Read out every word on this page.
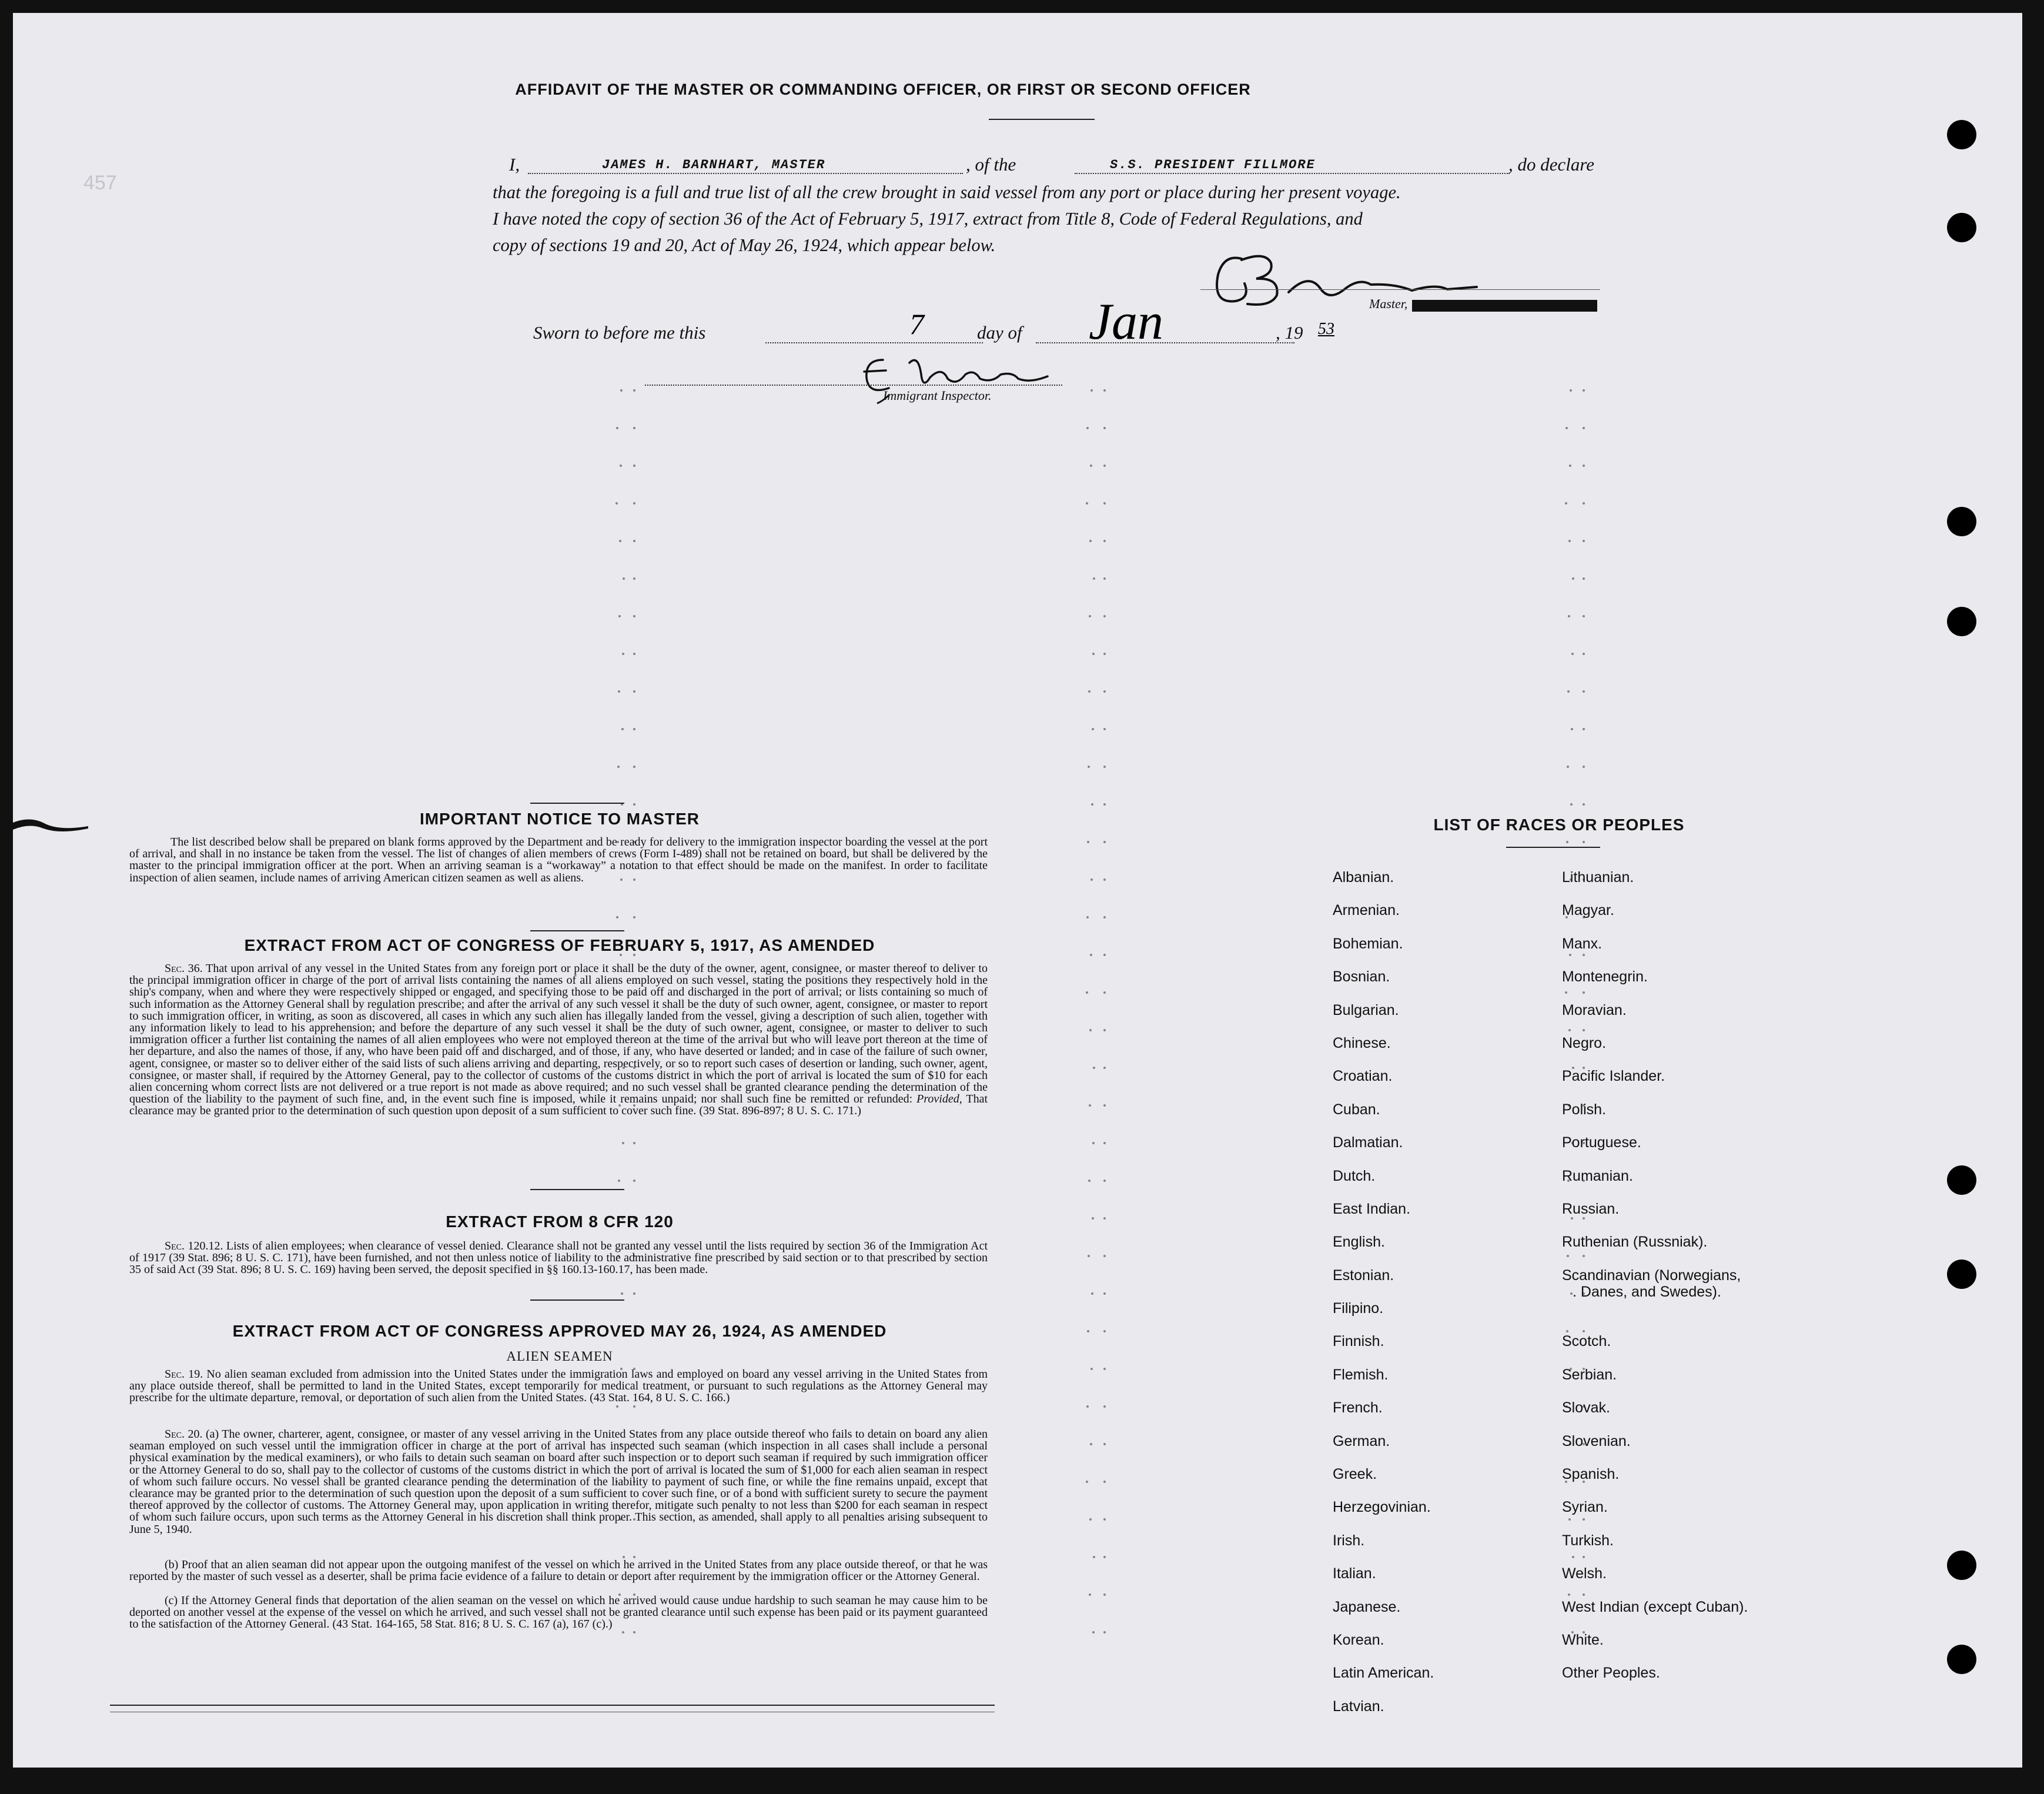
AFFIDAVIT OF THE MASTER OR COMMANDING OFFICER, OR FIRST OR SECOND OFFICER
I,	JAMES H. BARNHART, MASTER	, of the	S.S. PRESIDENT FILLMORE	, do declare
that the foregoing is a full and true list of all the crew brought in said vessel from any port or place during her present voyage.
I have noted the copy of section 36 of the Act of February 5, 1917, extract from Title 8, Code of Federal Regulations, and
copy of sections 19 and 20, Act of May 26, 1924, which appear below.
Master,
Sworn to before me this	7	day of Jan	, 19 53
Immigrant Inspector.
457
IMPORTANT NOTICE TO MASTER

The list described below shall be prepared on blank forms approved by the Department and be ready for delivery to the immigration inspector boarding the vessel at the port of arrival, and shall in no instance be taken from the vessel. The list of changes of alien members of crews (Form I-489) shall not be retained on board, but shall be delivered by the master to the principal immigration officer at the port. When an arriving seaman is a “workaway” a notation to that effect should be made on the manifest. In order to facilitate inspection of alien seamen, include names of arriving American citizen seamen as well as aliens.

EXTRACT FROM ACT OF CONGRESS OF FEBRUARY 5, 1917, AS AMENDED

Sec. 36. That upon arrival of any vessel in the United States from any foreign port or place it shall be the duty of the owner, agent, consignee, or master thereof to deliver to the principal immigration officer in charge of the port of arrival lists containing the names of all aliens employed on such vessel, stating the positions they respectively hold in the ship's company, when and where they were respectively shipped or engaged, and specifying those to be paid off and discharged in the port of arrival; or lists containing so much of such information as the Attorney General shall by regulation prescribe; and after the arrival of any such vessel it shall be the duty of such owner, agent, consignee, or master to report to such immigration officer, in writing, as soon as discovered, all cases in which any such alien has illegally landed from the vessel, giving a description of such alien, together with any information likely to lead to his apprehension; and before the departure of any such vessel it shall be the duty of such owner, agent, consignee, or master to deliver to such immigration officer a further list containing the names of all alien employees who were not employed thereon at the time of the arrival but who will leave port thereon at the time of her departure, and also the names of those, if any, who have been paid off and discharged, and of those, if any, who have deserted or landed; and in case of the failure of such owner, agent, consignee, or master so to deliver either of the said lists of such aliens arriving and departing, respectively, or so to report such cases of desertion or landing, such owner, agent, consignee, or master shall, if required by the Attorney General, pay to the collector of customs of the customs district in which the port of arrival is located the sum of $10 for each alien concerning whom correct lists are not delivered or a true report is not made as above required; and no such vessel shall be granted clearance pending the determination of the question of the liability to the payment of such fine, and, in the event such fine is imposed, while it remains unpaid; nor shall such fine be remitted or refunded: Provided, That clearance may be granted prior to the determination of such question upon deposit of a sum sufficient to cover such fine. (39 Stat. 896-897; 8 U. S. C. 171.)

EXTRACT FROM 8 CFR 120

Sec. 120.12. Lists of alien employees; when clearance of vessel denied. Clearance shall not be granted any vessel until the lists required by section 36 of the Immigration Act of 1917 (39 Stat. 896; 8 U. S. C. 171), have been furnished, and not then unless notice of liability to the administrative fine prescribed by said section or to that prescribed by section 35 of said Act (39 Stat. 896; 8 U. S. C. 169) having been served, the deposit specified in §§ 160.13-160.17, has been made.

EXTRACT FROM ACT OF CONGRESS APPROVED MAY 26, 1924, AS AMENDED
ALIEN SEAMEN

Sec. 19. No alien seaman excluded from admission into the United States under the immigration laws and employed on board any vessel arriving in the United States from any place outside thereof, shall be permitted to land in the United States, except temporarily for medical treatment, or pursuant to such regulations as the Attorney General may prescribe for the ultimate departure, removal, or deportation of such alien from the United States. (43 Stat. 164, 8 U. S. C. 166.)

Sec. 20. (a) The owner, charterer, agent, consignee, or master of any vessel arriving in the United States from any place outside thereof who fails to detain on board any alien seaman employed on such vessel until the immigration officer in charge at the port of arrival has inspected such seaman (which inspection in all cases shall include a personal physical examination by the medical examiners), or who fails to detain such seaman on board after such inspection or to deport such seaman if required by such immigration officer or the Attorney General to do so, shall pay to the collector of customs of the customs district in which the port of arrival is located the sum of $1,000 for each alien seaman in respect of whom such failure occurs. No vessel shall be granted clearance pending the determination of the liability to payment of such fine, or while the fine remains unpaid, except that clearance may be granted prior to the determination of such question upon the deposit of a sum sufficient to cover such fine, or of a bond with sufficient surety to secure the payment thereof approved by the collector of customs. The Attorney General may, upon application in writing therefor, mitigate such penalty to not less than $200 for each seaman in respect of whom such failure occurs, upon such terms as the Attorney General in his discretion shall think proper. This section, as amended, shall apply to all penalties arising subsequent to June 5, 1940.

(b) Proof that an alien seaman did not appear upon the outgoing manifest of the vessel on which he arrived in the United States from any place outside thereof, or that he was reported by the master of such vessel as a deserter, shall be prima facie evidence of a failure to detain or deport after requirement by the immigration officer or the Attorney General.

(c) If the Attorney General finds that deportation of the alien seaman on the vessel on which he arrived would cause undue hardship to such seaman he may cause him to be deported on another vessel at the expense of the vessel on which he arrived, and such vessel shall not be granted clearance until such expense has been paid or its payment guaranteed to the satisfaction of the Attorney General. (43 Stat. 164-165, 58 Stat. 816; 8 U. S. C. 167 (a), 167 (c).)

LIST OF RACES OR PEOPLES
Albanian.
Armenian.
Bohemian.
Bosnian.
Bulgarian.
Chinese.
Croatian.
Cuban.
Dalmatian.
Dutch.
East Indian.
English.
Estonian.
Filipino.
Finnish.
Flemish.
French.
German.
Greek.
Herzegovinian.
Irish.
Italian.
Japanese.
Korean.
Latin American.
Latvian.
Lithuanian.
Magyar.
Manx.
Montenegrin.
Moravian.
Negro.
Pacific Islander.
Polish.
Portuguese.
Rumanian.
Russian.
Ruthenian (Russniak).
Scandinavian (Norwegians,
. Danes, and Swedes).
Scotch.
Serbian.
Slovak.
Slovenian.
Spanish.
Syrian.
Turkish.
Welsh.
West Indian (except Cuban).
White.
Other Peoples.
